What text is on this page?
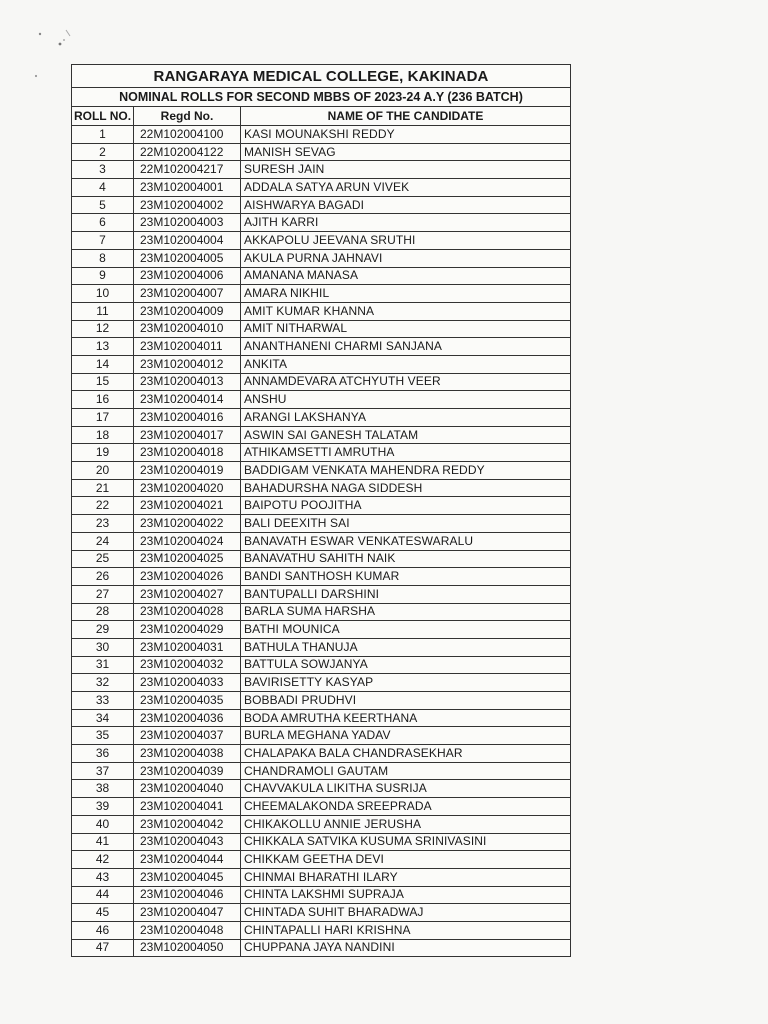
RANGARAYA MEDICAL COLLEGE, KAKINADA		
NOMINAL ROLLS FOR SECOND MBBS OF 2023-24 A.Y (236 BATCH)		
ROLL NO.	Regd No.	NAME OF THE CANDIDATE
1	22M102004100	KASI MOUNAKSHI REDDY
2	22M102004122	MANISH SEVAG
3	22M102004217	SURESH JAIN
4	23M102004001	ADDALA SATYA ARUN VIVEK
5	23M102004002	AISHWARYA BAGADI
6	23M102004003	AJITH KARRI
7	23M102004004	AKKAPOLU JEEVANA SRUTHI
8	23M102004005	AKULA PURNA JAHNAVI
9	23M102004006	AMANANA MANASA
10	23M102004007	AMARA NIKHIL
11	23M102004009	AMIT KUMAR KHANNA
12	23M102004010	AMIT NITHARWAL
13	23M102004011	ANANTHANENI CHARMI SANJANA
14	23M102004012	ANKITA
15	23M102004013	ANNAMDEVARA ATCHYUTH VEER
16	23M102004014	ANSHU
17	23M102004016	ARANGI LAKSHANYA
18	23M102004017	ASWIN SAI GANESH TALATAM
19	23M102004018	ATHIKAMSETTI AMRUTHA
20	23M102004019	BADDIGAM VENKATA MAHENDRA REDDY
21	23M102004020	BAHADURSHA NAGA SIDDESH
22	23M102004021	BAIPOTU POOJITHA
23	23M102004022	BALI DEEXITH SAI
24	23M102004024	BANAVATH ESWAR VENKATESWARALU
25	23M102004025	BANAVATHU SAHITH NAIK
26	23M102004026	BANDI SANTHOSH KUMAR
27	23M102004027	BANTUPALLI DARSHINI
28	23M102004028	BARLA SUMA HARSHA
29	23M102004029	BATHI MOUNICA
30	23M102004031	BATHULA THANUJA
31	23M102004032	BATTULA SOWJANYA
32	23M102004033	BAVIRISETTY KASYAP
33	23M102004035	BOBBADI PRUDHVI
34	23M102004036	BODA AMRUTHA KEERTHANA
35	23M102004037	BURLA MEGHANA YADAV
36	23M102004038	CHALAPAKA BALA CHANDRASEKHAR
37	23M102004039	CHANDRAMOLI GAUTAM
38	23M102004040	CHAVVAKULA LIKITHA SUSRIJA
39	23M102004041	CHEEMALAKONDA SREEPRADA
40	23M102004042	CHIKAKOLLU ANNIE JERUSHA
41	23M102004043	CHIKKALA SATVIKA KUSUMA SRINIVASINI
42	23M102004044	CHIKKAM GEETHA DEVI
43	23M102004045	CHINMAI BHARATHI ILARY
44	23M102004046	CHINTA LAKSHMI SUPRAJA
45	23M102004047	CHINTADA SUHIT BHARADWAJ
46	23M102004048	CHINTAPALLI HARI KRISHNA
47	23M102004050	CHUPPANA JAYA NANDINI
